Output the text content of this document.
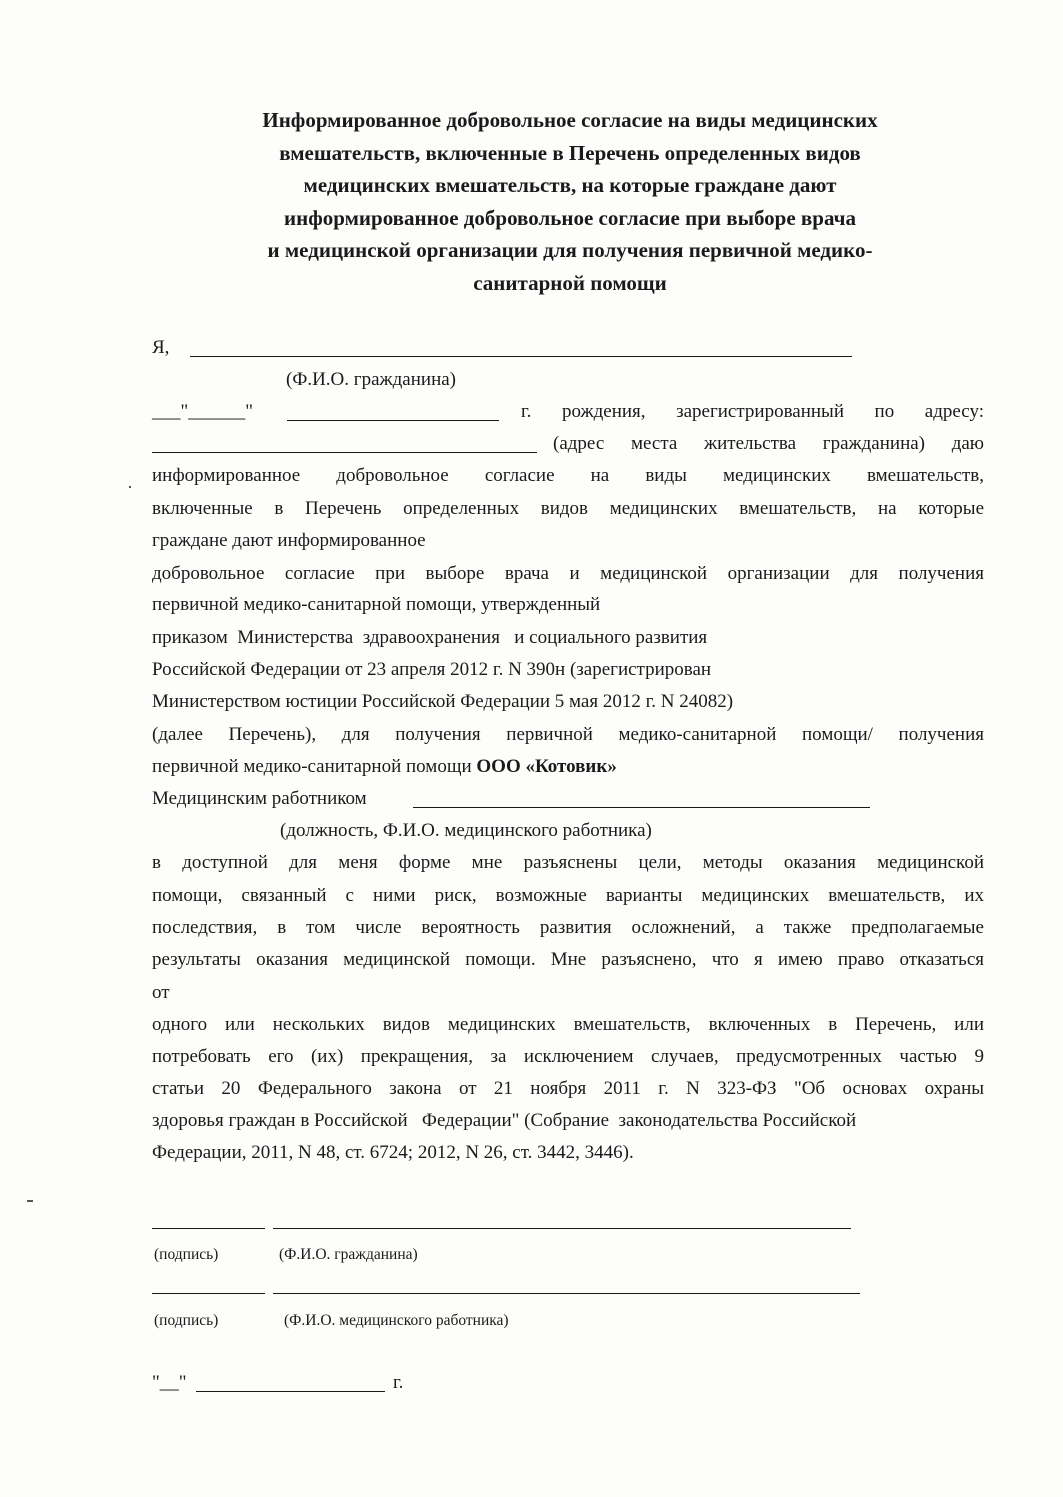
Информированное добровольное согласие на виды медицинских
вмешательств, включенные в Перечень определенных видов
медицинских вмешательств, на которые граждане дают
информированное добровольное согласие при выборе врача
и медицинской организации для получения первичной медико-
санитарной помощи
Я,
(Ф.И.О. гражданина)
___"______"	г. рождения, зарегистрированный по адресу:
(адрес места жительства гражданина) даю
информированное добровольное согласие на виды медицинских вмешательств,
включенные в Перечень определенных видов медицинских вмешательств, на которые
граждане дают информированное
добровольное согласие при выборе врача и медицинской организации для получения
первичной медико-санитарной помощи, утвержденный
приказом  Министерства  здравоохранения   и социального развития
Российской Федерации от 23 апреля 2012 г. N 390н (зарегистрирован
Министерством юстиции Российской Федерации 5 мая 2012 г. N 24082)
(далее Перечень), для получения первичной медико-санитарной помощи/ получения
первичной медико-санитарной помощи ООО «Котовик»
Медицинским работником
(должность, Ф.И.О. медицинского работника)
в доступной для меня форме мне разъяснены цели, методы оказания медицинской
помощи, связанный с ними риск, возможные варианты медицинских вмешательств, их
последствия, в том числе вероятность развития осложнений, а также предполагаемые
результаты оказания медицинской помощи. Мне разъяснено, что я имею право отказаться
от
одного или нескольких видов медицинских вмешательств, включенных в Перечень, или
потребовать его (их) прекращения, за исключением случаев, предусмотренных частью 9
статьи 20 Федерального закона от 21 ноября 2011 г. N 323-ФЗ "Об основах охраны
здоровья граждан в Российской   Федерации" (Собрание  законодательства Российской
Федерации, 2011, N 48, ст. 6724; 2012, N 26, ст. 3442, 3446).
(подпись)	(Ф.И.О. гражданина)
(подпись)	(Ф.И.О. медицинского работника)
"__"	г.
